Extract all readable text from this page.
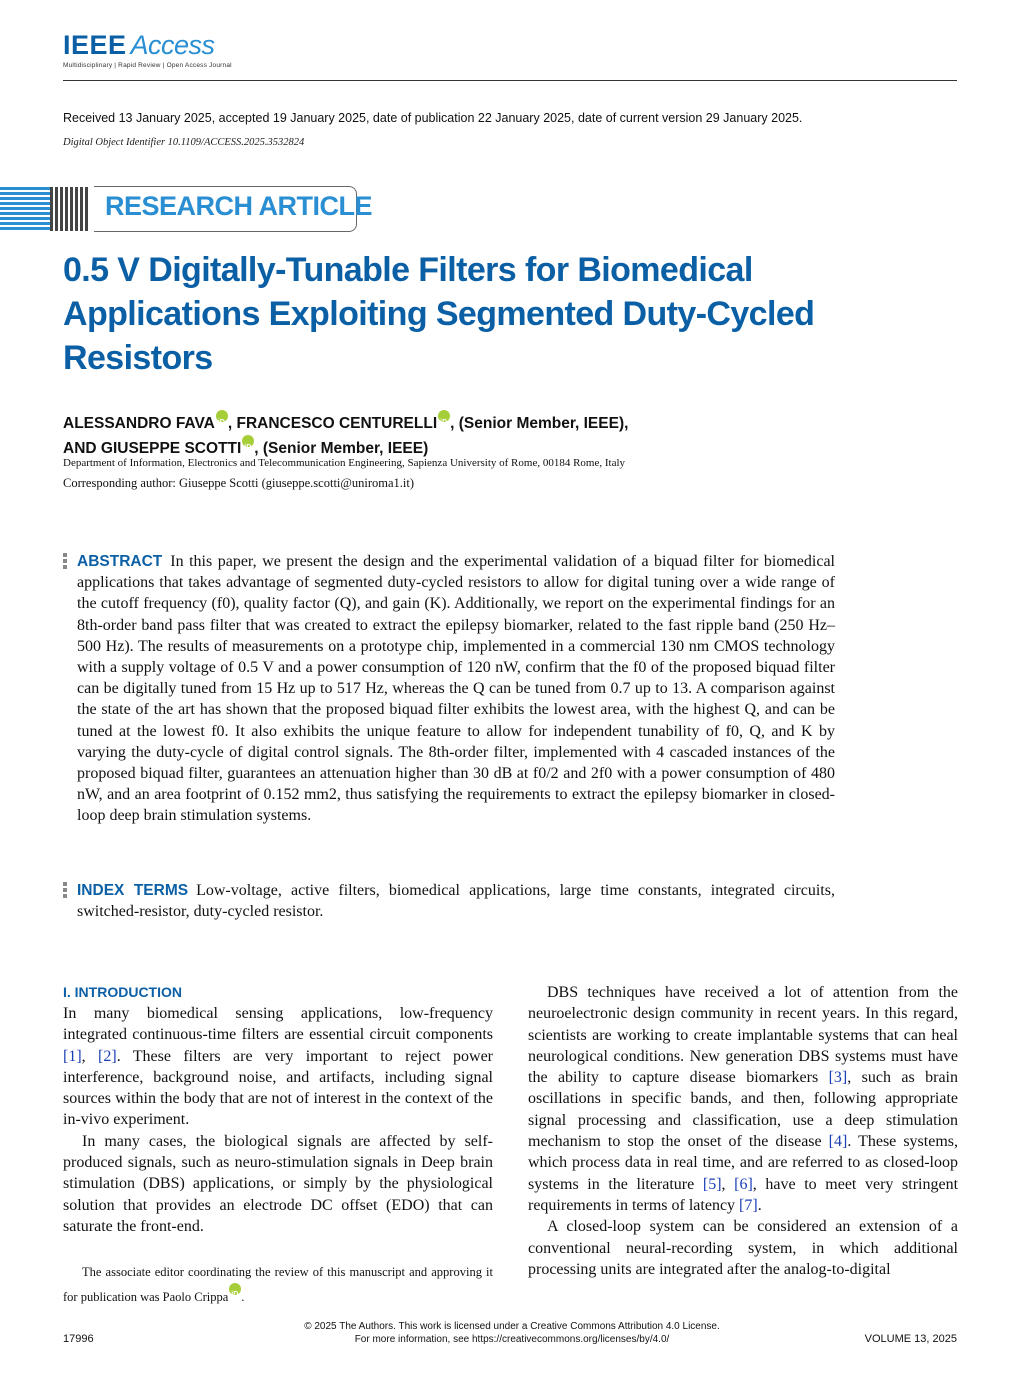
IEEE Access
Multidisciplinary | Rapid Review | Open Access Journal
Received 13 January 2025, accepted 19 January 2025, date of publication 22 January 2025, date of current version 29 January 2025.
Digital Object Identifier 10.1109/ACCESS.2025.3532824
RESEARCH ARTICLE
0.5 V Digitally-Tunable Filters for Biomedical Applications Exploiting Segmented Duty-Cycled Resistors
ALESSANDRO FAVA iD , FRANCESCO CENTURELLI iD , (Senior Member, IEEE),
AND GIUSEPPE SCOTTI iD , (Senior Member, IEEE)
Department of Information, Electronics and Telecommunication Engineering, Sapienza University of Rome, 00184 Rome, Italy
Corresponding author: Giuseppe Scotti (giuseppe.scotti@uniroma1.it)
ABSTRACT In this paper, we present the design and the experimental validation of a biquad filter for biomedical applications that takes advantage of segmented duty-cycled resistors to allow for digital tuning over a wide range of the cutoff frequency (f0), quality factor (Q), and gain (K). Additionally, we report on the experimental findings for an 8th-order band pass filter that was created to extract the epilepsy biomarker, related to the fast ripple band (250 Hz–500 Hz). The results of measurements on a prototype chip, implemented in a commercial 130 nm CMOS technology with a supply voltage of 0.5 V and a power consumption of 120 nW, confirm that the f0 of the proposed biquad filter can be digitally tuned from 15 Hz up to 517 Hz, whereas the Q can be tuned from 0.7 up to 13. A comparison against the state of the art has shown that the proposed biquad filter exhibits the lowest area, with the highest Q, and can be tuned at the lowest f0. It also exhibits the unique feature to allow for independent tunability of f0, Q, and K by varying the duty-cycle of digital control signals. The 8th-order filter, implemented with 4 cascaded instances of the proposed biquad filter, guarantees an attenuation higher than 30 dB at f0/2 and 2f0 with a power consumption of 480 nW, and an area footprint of 0.152 mm2, thus satisfying the requirements to extract the epilepsy biomarker in closed-loop deep brain stimulation systems.
INDEX TERMS Low-voltage, active filters, biomedical applications, large time constants, integrated circuits, switched-resistor, duty-cycled resistor.
I. INTRODUCTION

In many biomedical sensing applications, low-frequency integrated continuous-time filters are essential circuit components [1], [2]. These filters are very important to reject power interference, background noise, and artifacts, including signal sources within the body that are not of interest in the context of the in-vivo experiment.

In many cases, the biological signals are affected by self-produced signals, such as neuro-stimulation signals in Deep brain stimulation (DBS) applications, or simply by the physiological solution that provides an electrode DC offset (EDO) that can saturate the front-end.

The associate editor coordinating the review of this manuscript and approving it for publication was Paolo CrippaiD .

DBS techniques have received a lot of attention from the neuroelectronic design community in recent years. In this regard, scientists are working to create implantable systems that can heal neurological conditions. New generation DBS systems must have the ability to capture disease biomarkers [3], such as brain oscillations in specific bands, and then, following appropriate signal processing and classification, use a deep stimulation mechanism to stop the onset of the disease [4]. These systems, which process data in real time, and are referred to as closed-loop systems in the literature [5], [6], have to meet very stringent requirements in terms of latency [7].

A closed-loop system can be considered an extension of a conventional neural-recording system, in which additional processing units are integrated after the analog-to-digital

© 2025 The Authors. This work is licensed under a Creative Commons Attribution 4.0 License.
For more information, see https://creativecommons.org/licenses/by/4.0/
17996	VOLUME 13, 2025
